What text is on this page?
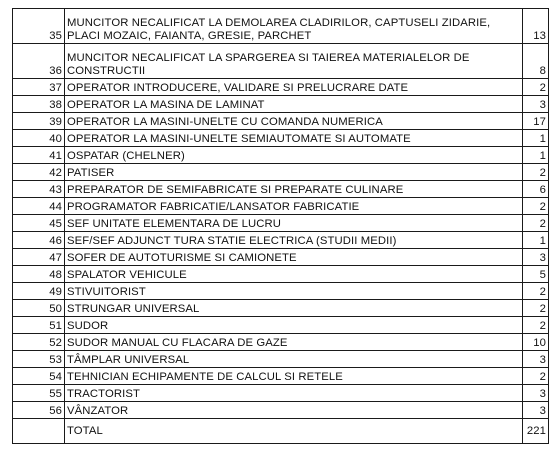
35	MUNCITOR NECALIFICAT LA DEMOLAREA CLADIRILOR, CAPTUSELI ZIDARIE,
PLACI MOZAIC, FAIANTA, GRESIE, PARCHET	13
36	MUNCITOR NECALIFICAT LA SPARGEREA SI TAIEREA MATERIALELOR DE
CONSTRUCTII	8
37	OPERATOR INTRODUCERE, VALIDARE SI PRELUCRARE DATE	2
38	OPERATOR LA MASINA DE LAMINAT	3
39	OPERATOR LA MASINI-UNELTE CU COMANDA NUMERICA	17
40	OPERATOR LA MASINI-UNELTE SEMIAUTOMATE SI AUTOMATE	1
41	OSPATAR (CHELNER)	1
42	PATISER	2
43	PREPARATOR DE SEMIFABRICATE SI PREPARATE CULINARE	6
44	PROGRAMATOR FABRICATIE/LANSATOR FABRICATIE	2
45	SEF UNITATE ELEMENTARA DE LUCRU	2
46	SEF/SEF ADJUNCT TURA STATIE ELECTRICA (STUDII MEDII)	1
47	SOFER DE AUTOTURISME SI CAMIONETE	3
48	SPALATOR VEHICULE	5
49	STIVUITORIST	2
50	STRUNGAR UNIVERSAL	2
51	SUDOR	2
52	SUDOR MANUAL CU FLACARA DE GAZE	10
53	TÂMPLAR UNIVERSAL	3
54	TEHNICIAN ECHIPAMENTE DE CALCUL SI RETELE	2
55	TRACTORIST	3
56	VÂNZATOR	3
	TOTAL	221
